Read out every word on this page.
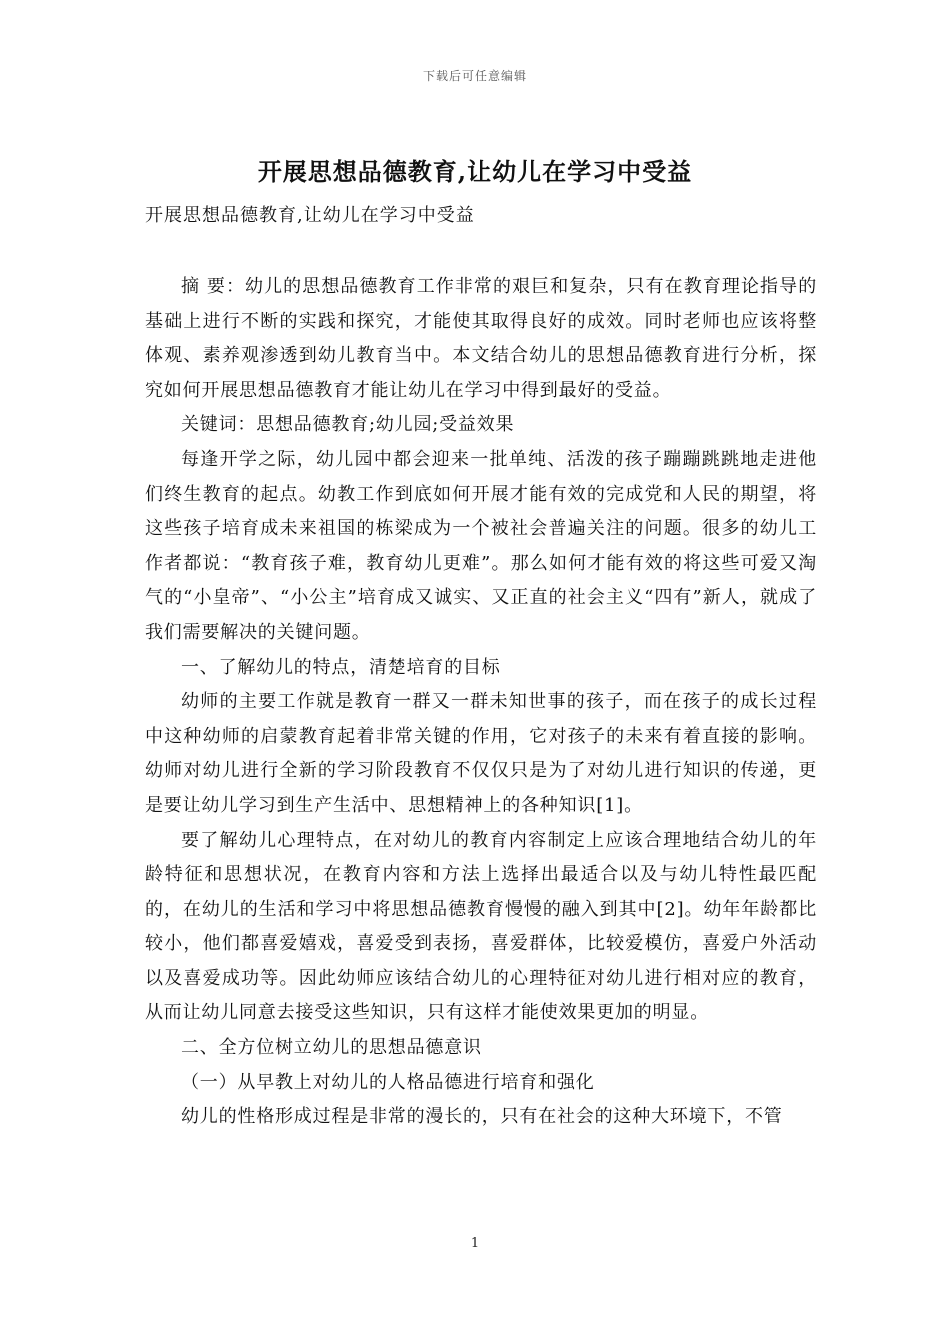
下载后可任意编辑
开展思想品德教育,让幼儿在学习中受益
开展思想品德教育,让幼儿在学习中受益

摘 要：幼儿的思想品德教育工作非常的艰巨和复杂，只有在教育理论指导的基础上进行不断的实践和探究，才能使其取得良好的成效。同时老师也应该将整体观、素养观渗透到幼儿教育当中。本文结合幼儿的思想品德教育进行分析，探究如何开展思想品德教育才能让幼儿在学习中得到最好的受益。

关键词：思想品德教育;幼儿园;受益效果

每逢开学之际，幼儿园中都会迎来一批单纯、活泼的孩子蹦蹦跳跳地走进他们终生教育的起点。幼教工作到底如何开展才能有效的完成党和人民的期望，将这些孩子培育成未来祖国的栋梁成为一个被社会普遍关注的问题。很多的幼儿工作者都说：“教育孩子难，教育幼儿更难”。那么如何才能有效的将这些可爱又淘气的“小皇帝”、“小公主”培育成又诚实、又正直的社会主义“四有”新人，就成了我们需要解决的关键问题。

一、了解幼儿的特点，清楚培育的目标

幼师的主要工作就是教育一群又一群未知世事的孩子，而在孩子的成长过程中这种幼师的启蒙教育起着非常关键的作用，它对孩子的未来有着直接的影响。幼师对幼儿进行全新的学习阶段教育不仅仅只是为了对幼儿进行知识的传递，更是要让幼儿学习到生产生活中、思想精神上的各种知识[1]。

要了解幼儿心理特点，在对幼儿的教育内容制定上应该合理地结合幼儿的年龄特征和思想状况，在教育内容和方法上选择出最适合以及与幼儿特性最匹配的，在幼儿的生活和学习中将思想品德教育慢慢的融入到其中[2]。幼年年龄都比较小，他们都喜爱嬉戏，喜爱受到表扬，喜爱群体，比较爱模仿，喜爱户外活动以及喜爱成功等。因此幼师应该结合幼儿的心理特征对幼儿进行相对应的教育，从而让幼儿同意去接受这些知识，只有这样才能使效果更加的明显。

二、全方位树立幼儿的思想品德意识

（一）从早教上对幼儿的人格品德进行培育和强化

幼儿的性格形成过程是非常的漫长的，只有在社会的这种大环境下，不管

1
